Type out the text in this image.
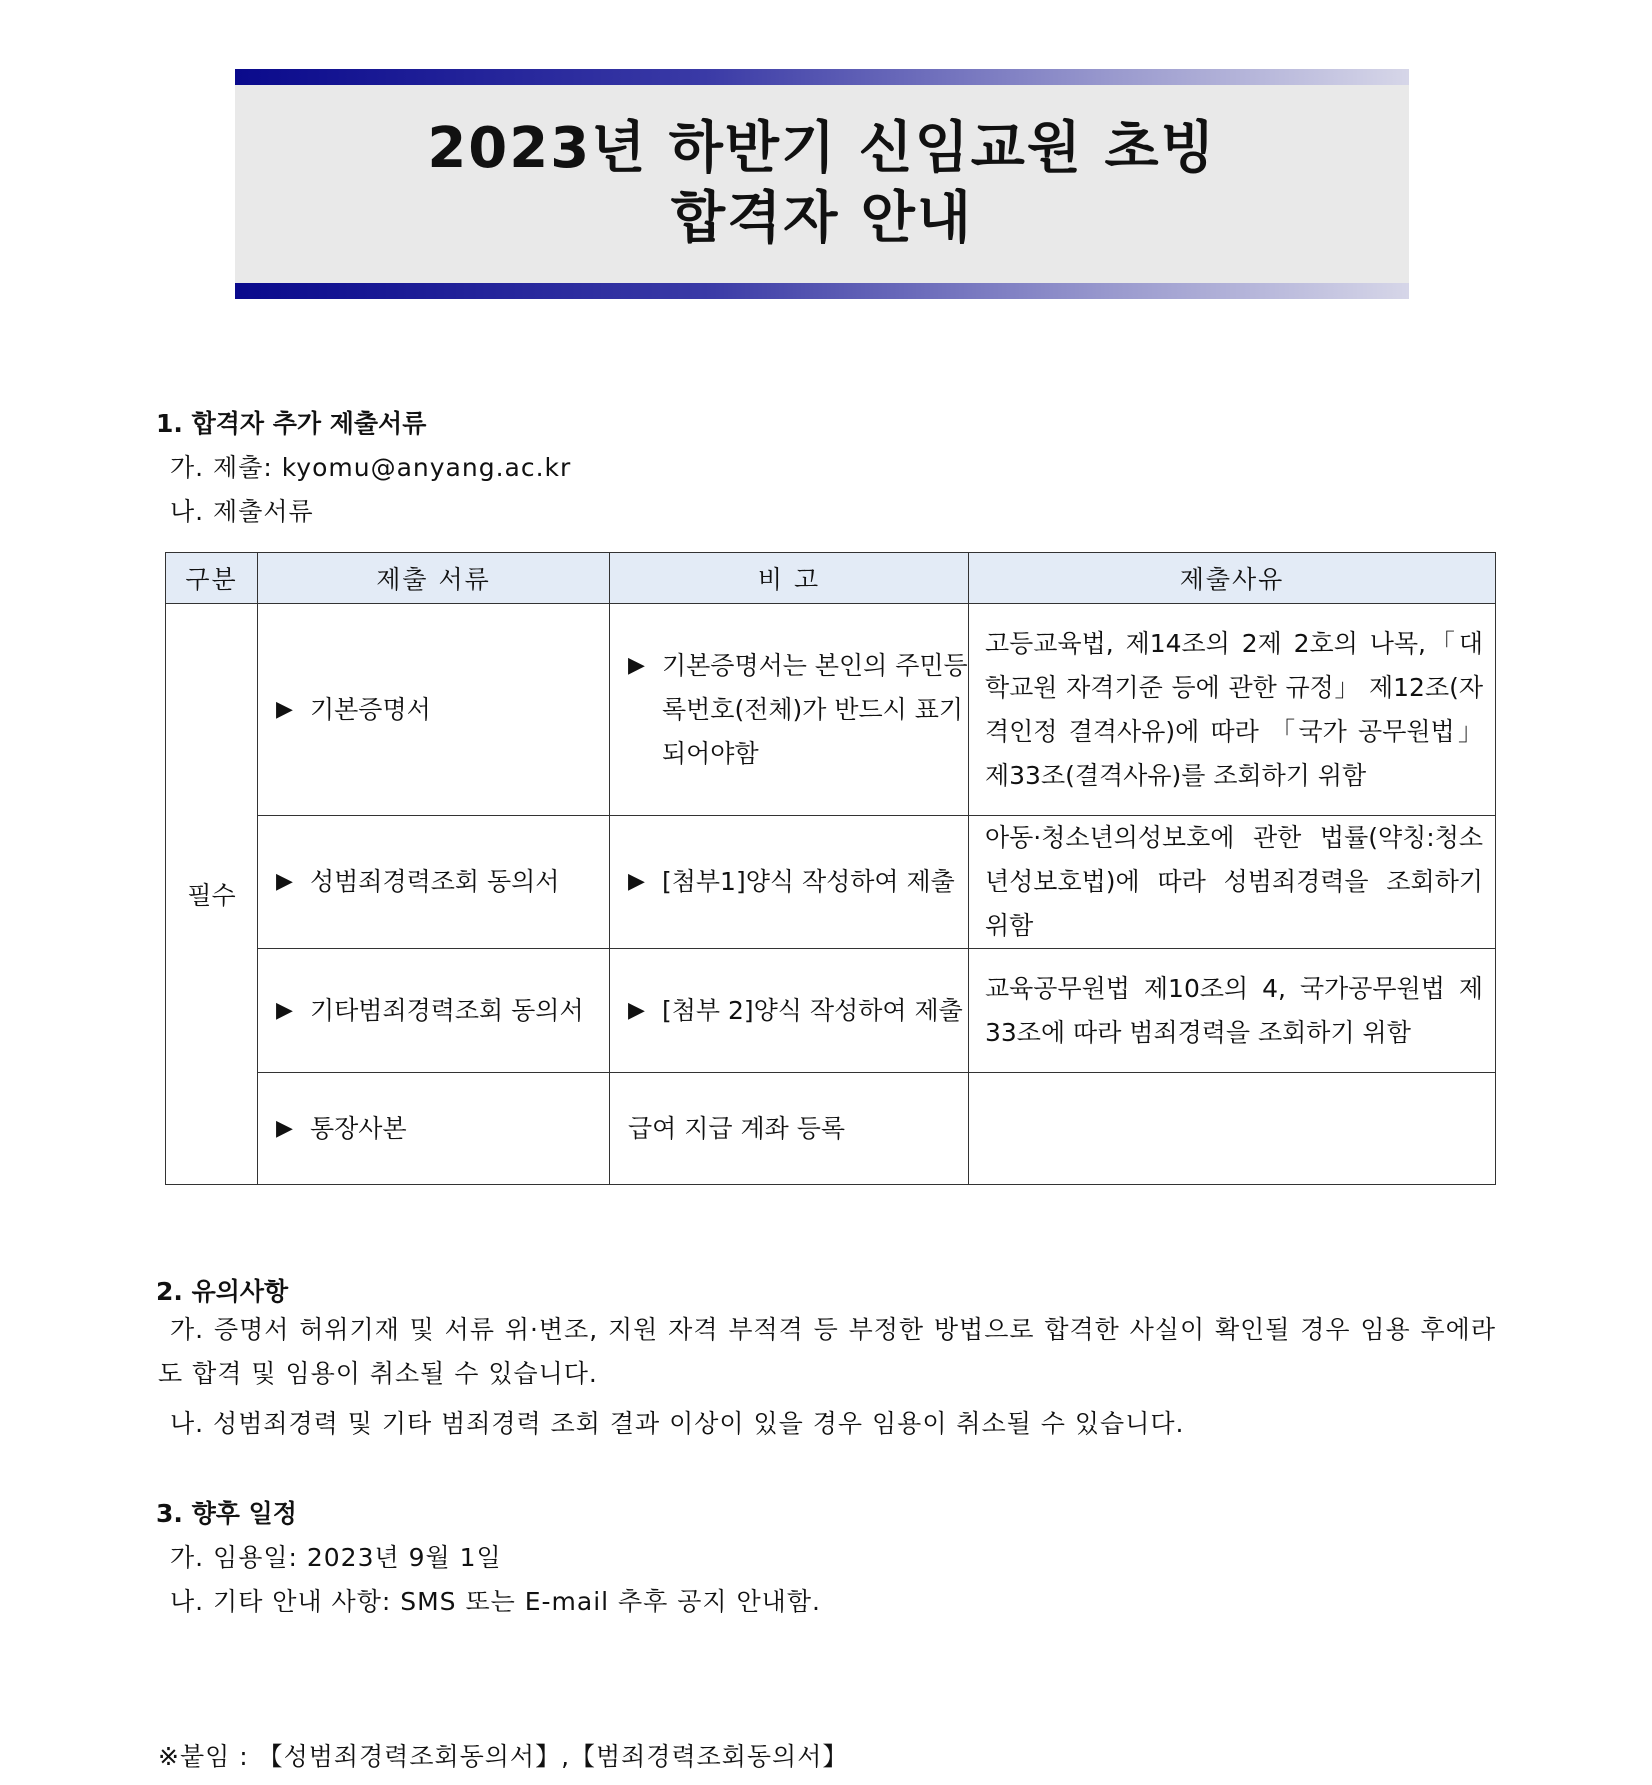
2023년 하반기 신임교원 초빙
합격자 안내
1. 합격자 추가 제출서류
가. 제출: kyomu@anyang.ac.kr
나. 제출서류
구분	제출 서류	비 고	제출사유
필수	▶ 기본증명서	▶ 기본증명서는 본인의 주민등록번호(전체)가 반드시 표기되어야함	고등교육법, 제14조의 2제 2호의 나목,「대학교원 자격기준 등에 관한 규정」 제12조(자격인정 결격사유)에 따라 「국가 공무원법」제33조(결격사유)를 조회하기 위함

	▶ 성범죄경력조회 동의서	▶ [첨부1]양식 작성하여 제출	아동·청소년의성보호에 관한 법률(약칭:청소년성보호법)에 따라 성범죄경력을 조회하기 위함

	▶ 기타범죄경력조회 동의서	▶ [첨부 2]양식 작성하여 제출	교육공무원법 제10조의 4, 국가공무원법 제33조에 따라 범죄경력을 조회하기 위함

	▶ 통장사본	급여 지급 계좌 등록	
2. 유의사항
가. 증명서 허위기재 및 서류 위·변조, 지원 자격 부적격 등 부정한 방법으로 합격한 사실이 확인될 경우 임용 후에라도 합격 및 임용이 취소될 수 있습니다.
나. 성범죄경력 및 기타 범죄경력 조회 결과 이상이 있을 경우 임용이 취소될 수 있습니다.
3. 향후 일정
가. 임용일: 2023년 9월 1일
나. 기타 안내 사항: SMS 또는 E-mail 추후 공지 안내함.
※붙임 : 【성범죄경력조회동의서】,【범죄경력조회동의서】
